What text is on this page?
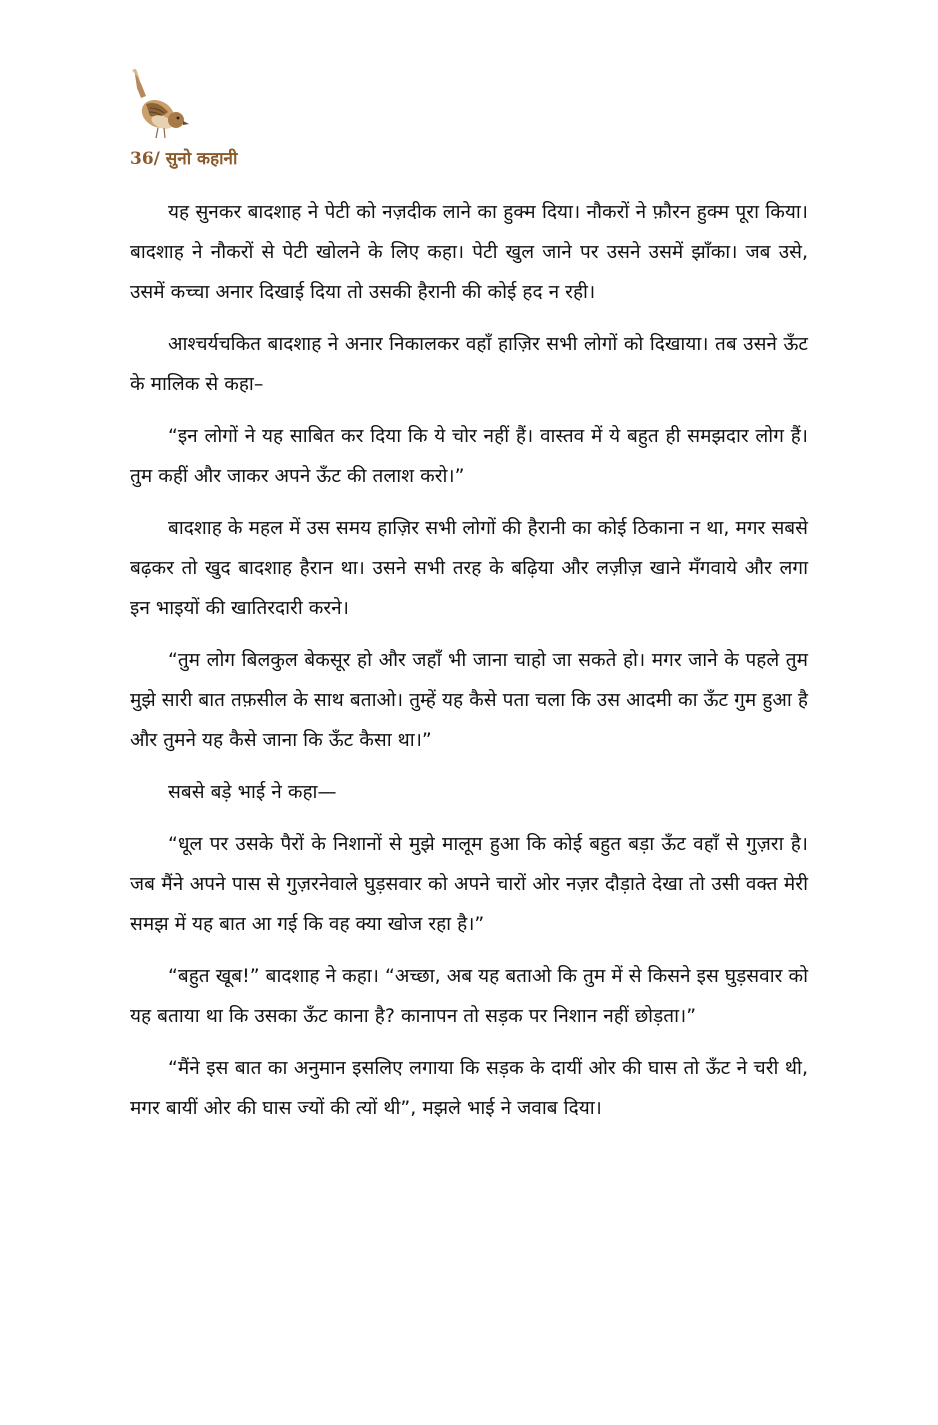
36/ सुनो कहानी

यह सुनकर बादशाह ने पेटी को नज़दीक लाने का हुक्म दिया। नौकरों ने फ़ौरन हुक्म पूरा किया। बादशाह ने नौकरों से पेटी खोलने के लिए कहा। पेटी खुल जाने पर उसने उसमें झाँका। जब उसे, उसमें कच्चा अनार दिखाई दिया तो उसकी हैरानी की कोई हद न रही।

आश्चर्यचकित बादशाह ने अनार निकालकर वहाँ हाज़िर सभी लोगों को दिखाया। तब उसने ऊँट के मालिक से कहा–

“इन लोगों ने यह साबित कर दिया कि ये चोर नहीं हैं। वास्तव में ये बहुत ही समझदार लोग हैं। तुम कहीं और जाकर अपने ऊँट की तलाश करो।”

बादशाह के महल में उस समय हाज़िर सभी लोगों की हैरानी का कोई ठिकाना न था, मगर सबसे बढ़कर तो खुद बादशाह हैरान था। उसने सभी तरह के बढ़िया और लज़ीज़ खाने मँगवाये और लगा इन भाइयों की खातिरदारी करने।

“तुम लोग बिलकुल बेकसूर हो और जहाँ भी जाना चाहो जा सकते हो। मगर जाने के पहले तुम मुझे सारी बात तफ़सील के साथ बताओ। तुम्हें यह कैसे पता चला कि उस आदमी का ऊँट गुम हुआ है और तुमने यह कैसे जाना कि ऊँट कैसा था।”

सबसे बड़े भाई ने कहा—

“धूल पर उसके पैरों के निशानों से मुझे मालूम हुआ कि कोई बहुत बड़ा ऊँट वहाँ से गुज़रा है। जब मैंने अपने पास से गुज़रनेवाले घुड़सवार को अपने चारों ओर नज़र दौड़ाते देखा तो उसी वक्त मेरी समझ में यह बात आ गई कि वह क्या खोज रहा है।”

“बहुत खूब!” बादशाह ने कहा। “अच्छा, अब यह बताओ कि तुम में से किसने इस घुड़सवार को यह बताया था कि उसका ऊँट काना है? कानापन तो सड़क पर निशान नहीं छोड़ता।”

“मैंने इस बात का अनुमान इसलिए लगाया कि सड़क के दायीं ओर की घास तो ऊँट ने चरी थी, मगर बायीं ओर की घास ज्यों की त्यों थी”, मझले भाई ने जवाब दिया।
